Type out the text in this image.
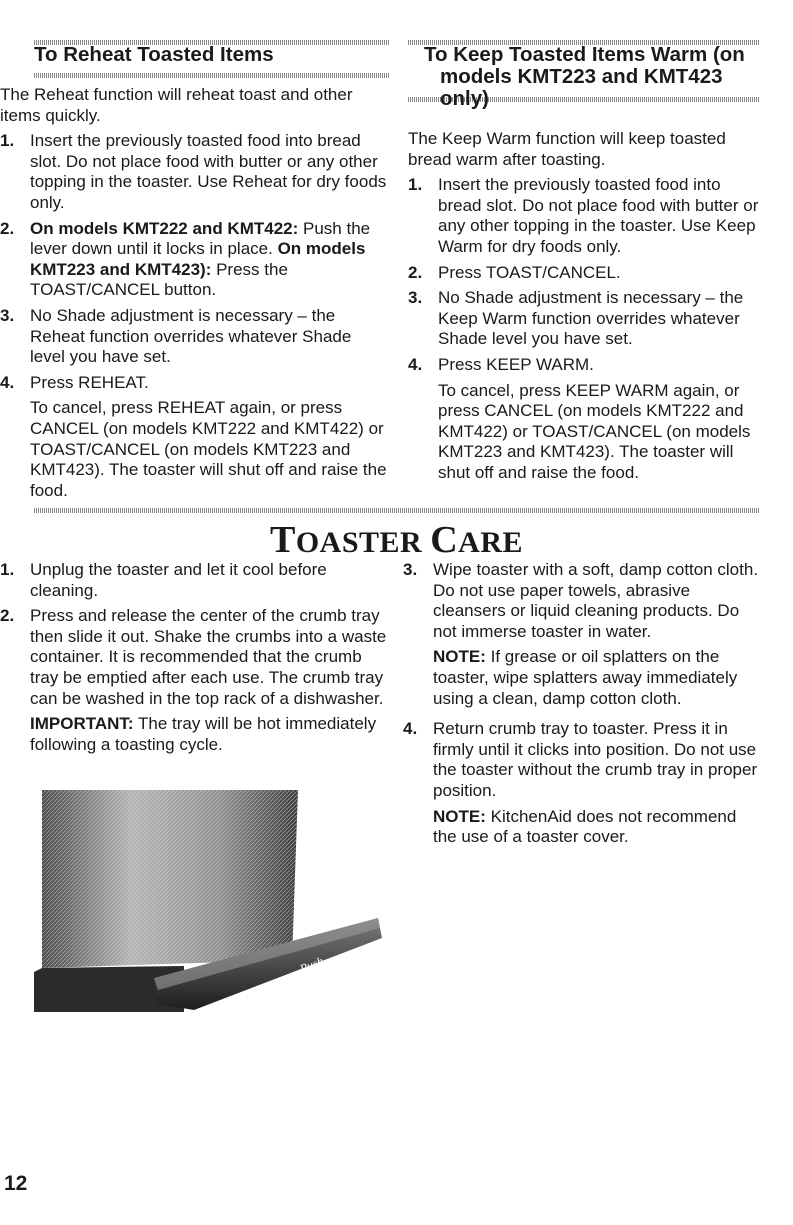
To Reheat Toasted Items

The Reheat function will reheat toast and other items quickly.

1. Insert the previously toasted food into bread slot. Do not place food with butter or any other topping in the toaster. Use Reheat for dry foods only.

2. On models KMT222 and KMT422: Push the lever down until it locks in place. On models KMT223 and KMT423): Press the TOAST/CANCEL button.

3. No Shade adjustment is necessary – the Reheat function overrides whatever Shade level you have set.

4. Press REHEAT.

To cancel, press REHEAT again, or press CANCEL (on models KMT222 and KMT422) or TOAST/CANCEL (on models KMT223 and KMT423). The toaster will shut off and raise the food.

To Keep Toasted Items Warm (on models KMT223 and KMT423 only)

The Keep Warm function will keep toasted bread warm after toasting.

1. Insert the previously toasted food into bread slot. Do not place food with butter or any other topping in the toaster. Use Keep Warm for dry foods only.

2. Press TOAST/CANCEL.

3. No Shade adjustment is necessary – the Keep Warm function overrides whatever Shade level you have set.

4. Press KEEP WARM.

To cancel, press KEEP WARM again, or press CANCEL (on models KMT222 and KMT422) or TOAST/CANCEL (on models KMT223 and KMT423). The toaster will shut off and raise the food.

TOASTER CARE
1. Unplug the toaster and let it cool before cleaning.

2. Press and release the center of the crumb tray then slide it out. Shake the crumbs into a waste container. It is recommended that the crumb tray be emptied after each use. The crumb tray can be washed in the top rack of a dishwasher.

IMPORTANT: The tray will be hot immediately following a toasting cycle.

3. Wipe toaster with a soft, damp cotton cloth. Do not use paper towels, abrasive cleansers or liquid cleaning products. Do not immerse toaster in water.

NOTE: If grease or oil splatters on the toaster, wipe splatters away immediately using a clean, damp cotton cloth.

4. Return crumb tray to toaster. Press it in firmly until it clicks into position. Do not use the toaster without the crumb tray in proper position.

NOTE: KitchenAid does not recommend the use of a toaster cover.

Push
12
